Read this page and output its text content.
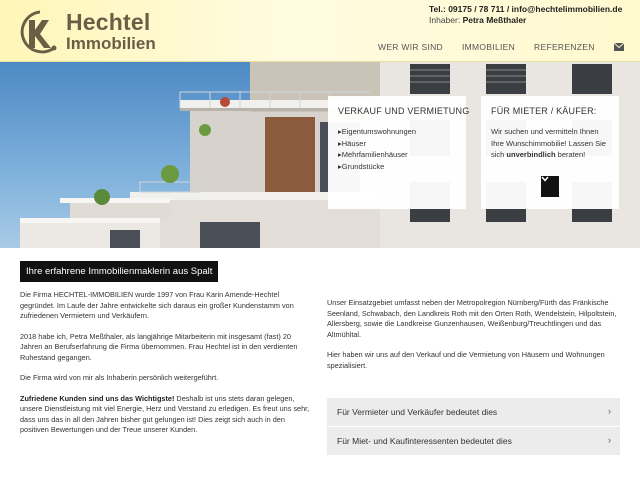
Hechtel
Immobilien
Tel.: 09175 / 78 711 / info@hechtelimmobilien.de
Inhaber: Petra Meßthaler
WER WIR SIND IMMOBILIEN REFERENZEN
VERKAUF UND VERMIETUNG
▸ Eigentumswohnungen
▸ Häuser
▸ Mehrfamilienhäuser
▸ Grundstücke
FÜR MIETER / KÄUFER:
Wir suchen und vermitteln Ihnen Ihre Wunschimmobilie! Lassen Sie sich unverbindlich beraten!
Ihre erfahrene Immobilienmaklerin aus Spalt

Die Firma HECHTEL-IMMOBILIEN wurde 1997 von Frau Karin Amende-Hechtel gegründet. Im Laufe der Jahre entwickelte sich daraus ein großer Kundenstamm von zufriedenen Vermietern und Verkäufern.

2018 habe ich, Petra Meßthaler, als langjährige Mitarbeiterin mit insgesamt (fast) 20 Jahren an Berufserfahrung die Firma übernommen. Frau Hechtel ist in den verdienten Ruhestand gegangen.

Die Firma wird von mir als Inhaberin persönlich weitergeführt.

Zufriedene Kunden sind uns das Wichtigste! Deshalb ist uns stets daran gelegen, unsere Dienstleistung mit viel Energie, Herz und Verstand zu erledigen. Es freut uns sehr, dass uns das in all den Jahren bisher gut gelungen ist! Dies zeigt sich auch in den positiven Bewertungen und der Treue unserer Kunden.

Unser Einsatzgebiet umfasst neben der Metropolregion Nürnberg/Fürth das Fränkische Seenland, Schwabach, den Landkreis Roth mit den Orten Roth, Wendelstein, Hilpoltstein, Allersberg, sowie die Landkreise Gunzenhausen, Weißenburg/Treuchtlingen und das Altmühltal.

Hier haben wir uns auf den Verkauf und die Vermietung von Häusern und Wohnungen spezialisiert.

Für Vermieter und Verkäufer bedeutet dies	›
Für Miet- und Kaufinteressenten bedeutet dies	›
